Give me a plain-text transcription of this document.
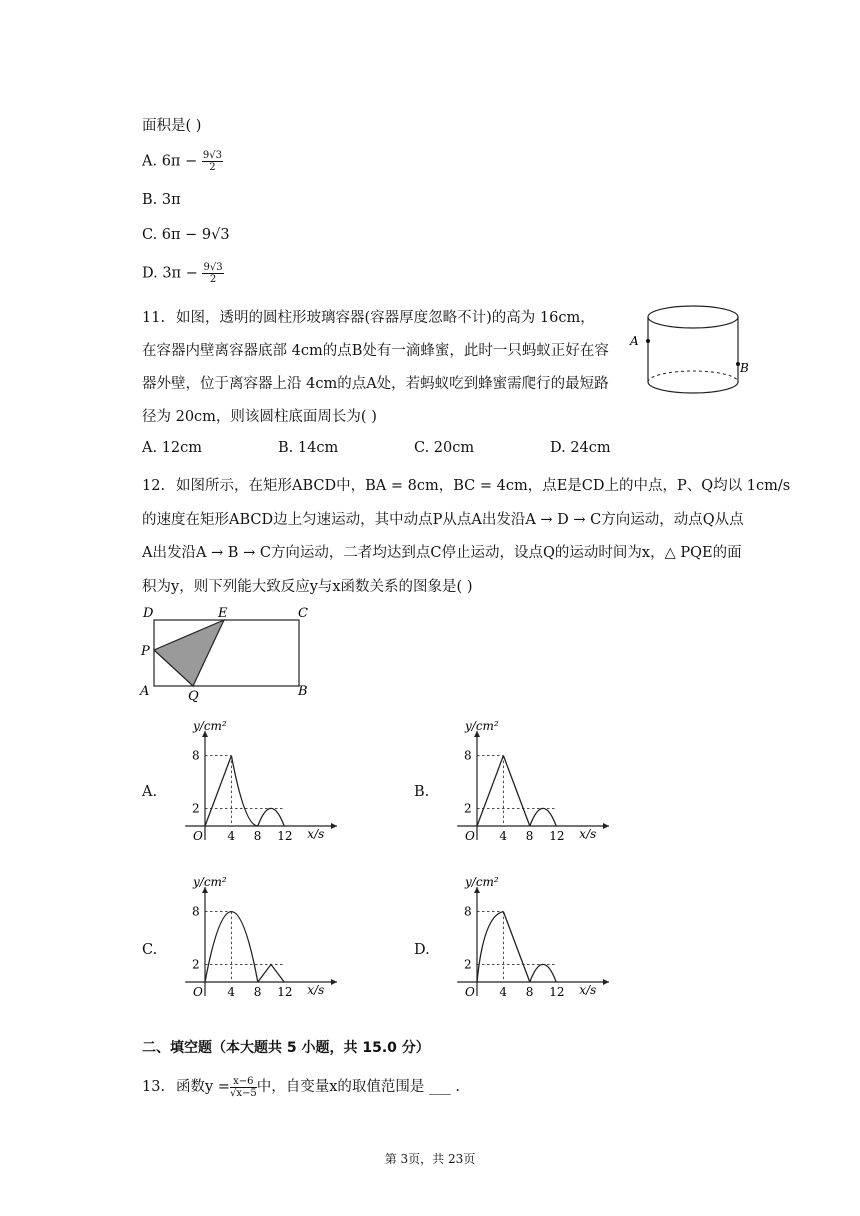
面积是( )
A. $6\pi - \frac{9√3}{2}$
B. 3π
C. 6π − 9√3
D. $3\pi - \frac{9√3}{2}$
11. 如图，透明的圆柱形玻璃容器(容器厚度忽略不计)的高为 16cm，
在容器内壁离容器底部 4cm的点B处有一滴蜂蜜，此时一只蚂蚁正好在容
器外壁，位于离容器上沿 4cm的点A处，若蚂蚁吃到蜂蜜需爬行的最短路
径为 20cm，则该圆柱底面周长为( )
A
B
A. 12cm	B. 14cm	C. 20cm	D. 24cm
12. 如图所示，在矩形ABCD中，BA = 8cm，BC = 4cm，点E是CD上的中点，P、Q均以 1cm/s
的速度在矩形ABCD边上匀速运动，其中动点P从点A出发沿A → D → C方向运动，动点Q从点
A出发沿A → B → C方向运动，二者均达到点C停止运动，设点Q的运动时间为x，△ PQE的面
积为y，则下列能大致反应y与x函数关系的图象是( )
D	E	C
P
A	Q	B
A.	B.
C.	D.
y/cm²
x/s
O
8
2
4 8 12
y/cm²
x/s
O
8
2
4 8 12
y/cm²
x/s
O
8
2
4 8 12
y/cm²
x/s
O
8
2
4 8 12
二、填空题（本大题共 5 小题，共 15.0 分）
13. 函数$y = \frac{x-6}{√x-5}$ 中，自变量x的取值范围是 ___ .
第 3页，共 23页
